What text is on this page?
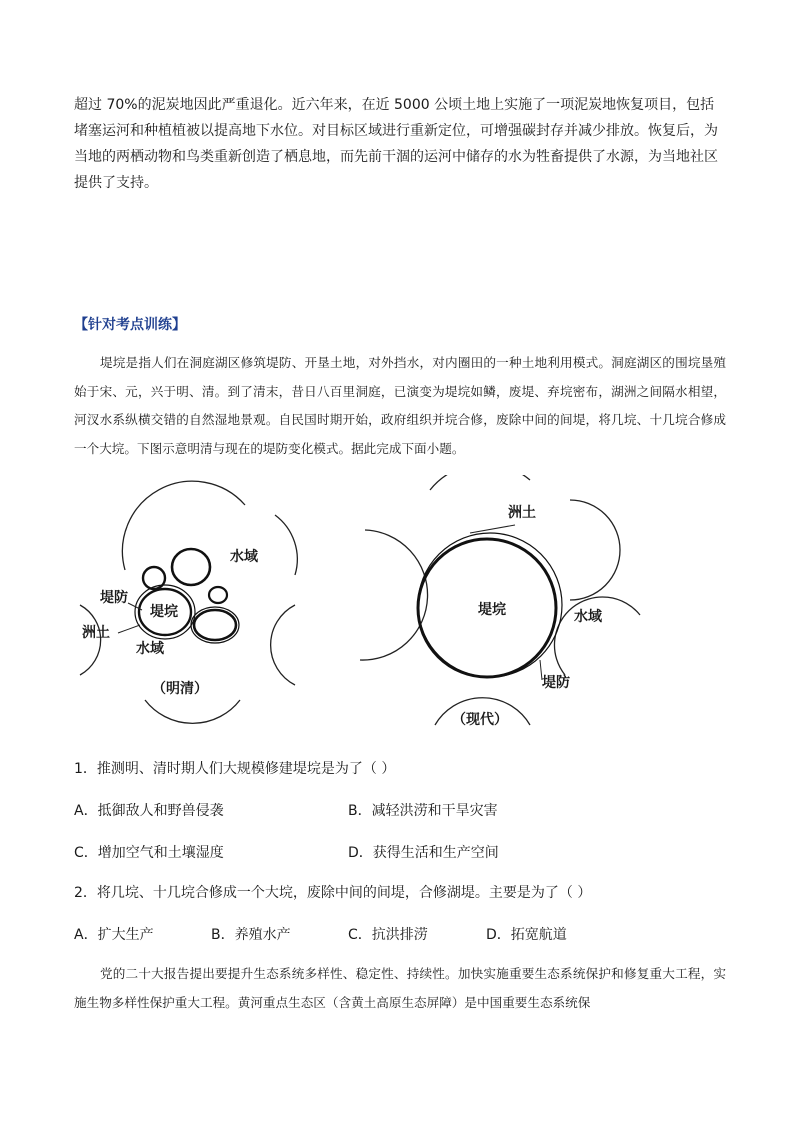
超过 70%的泥炭地因此严重退化。近六年来，在近 5000 公顷土地上实施了一项泥炭地恢复项目，包括堵塞运河和种植植被以提高地下水位。对目标区域进行重新定位，可增强碳封存并减少排放。恢复后，为当地的两栖动物和鸟类重新创造了栖息地，而先前干涸的运河中储存的水为牲畜提供了水源，为当地社区提供了支持。

【针对考点训练】

堤垸是指人们在洞庭湖区修筑堤防、开垦土地，对外挡水，对内圈田的一种土地利用模式。洞庭湖区的围垸垦殖始于宋、元，兴于明、清。到了清末，昔日八百里洞庭，已演变为堤垸如鳞，废堤、弃垸密布，湖洲之间隔水相望，河汊水系纵横交错的自然湿地景观。自民国时期开始，政府组织并垸合修，废除中间的间堤，将几垸、十几垸合修成一个大垸。下图示意明清与现在的堤防变化模式。据此完成下面小题。

水域
堤防
堤垸
洲土
水域
（明清）
洲土
堤垸	水域
堤防
（现代）
1．推测明、清时期人们大规模修建堤垸是为了（ ）
A．抵御敌人和野兽侵袭	B．减轻洪涝和干旱灾害
C．增加空气和土壤湿度	D．获得生活和生产空间
2．将几垸、十几垸合修成一个大垸，废除中间的间堤，合修湖堤。主要是为了（ ）
A．扩大生产	B．养殖水产	C．抗洪排涝	D．拓宽航道

党的二十大报告提出要提升生态系统多样性、稳定性、持续性。加快实施重要生态系统保护和修复重大工程，实施生物多样性保护重大工程。黄河重点生态区（含黄土高原生态屏障）是中国重要生态系统保
